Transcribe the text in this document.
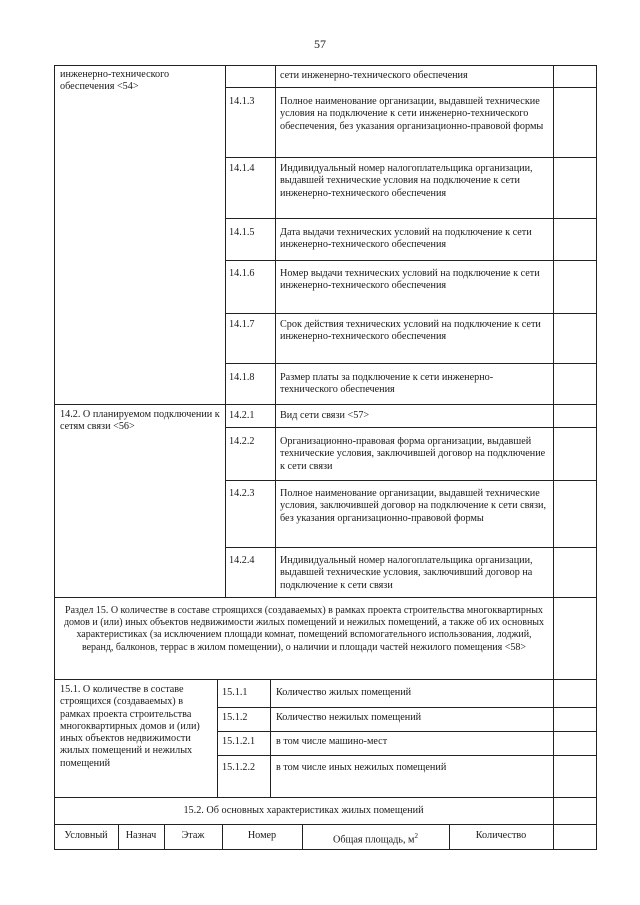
57
инженерно-технического обеспечения <54>
сети инженерно-технического обеспечения
14.1.3	Полное наименование организации, выдавшей технические условия на подключение к сети инженерно-технического обеспечения, без указания организационно-правовой формы
14.1.4	Индивидуальный номер налогоплательщика организации, выдавшей технические условия на подключение к сети инженерно-технического обеспечения
14.1.5	Дата выдачи технических условий на подключение к сети инженерно-технического обеспечения
14.1.6	Номер выдачи технических условий на подключение к сети инженерно-технического обеспечения
14.1.7	Срок действия технических условий на подключение к сети инженерно-технического обеспечения
14.1.8	Размер платы за подключение к сети инженерно-технического обеспечения
14.2. О планируемом подключении к сетям связи <56>
14.2.1	Вид сети связи <57>
14.2.2	Организационно-правовая форма организации, выдавшей технические условия, заключившей договор на подключение к сети связи
14.2.3	Полное наименование организации, выдавшей технические условия, заключившей договор на подключение к сети связи, без указания организационно-правовой формы
14.2.4	Индивидуальный номер налогоплательщика организации, выдавшей технические условия, заключивший договор на подключение к сети связи
Раздел 15. О количестве в составе строящихся (создаваемых) в рамках проекта строительства многоквартирных домов и (или) иных объектов недвижимости жилых помещений и нежилых помещений, а также об их основных характеристиках (за исключением площади комнат, помещений вспомогательного использования, лоджий, веранд, балконов, террас в жилом помещении), о наличии и площади частей нежилого помещения <58>
15.1. О количестве в составе строящихся (создаваемых) в рамках проекта строительства многоквартирных домов и (или) иных объектов недвижимости жилых помещений и нежилых помещений
15.1.1	Количество жилых помещений
15.1.2	Количество нежилых помещений
15.1.2.1	в том числе машино-мест
15.1.2.2	в том числе иных нежилых помещений
15.2. Об основных характеристиках жилых помещений
Условный	Назнач	Этаж	Номер	Общая площадь, $м^2$	Количество
